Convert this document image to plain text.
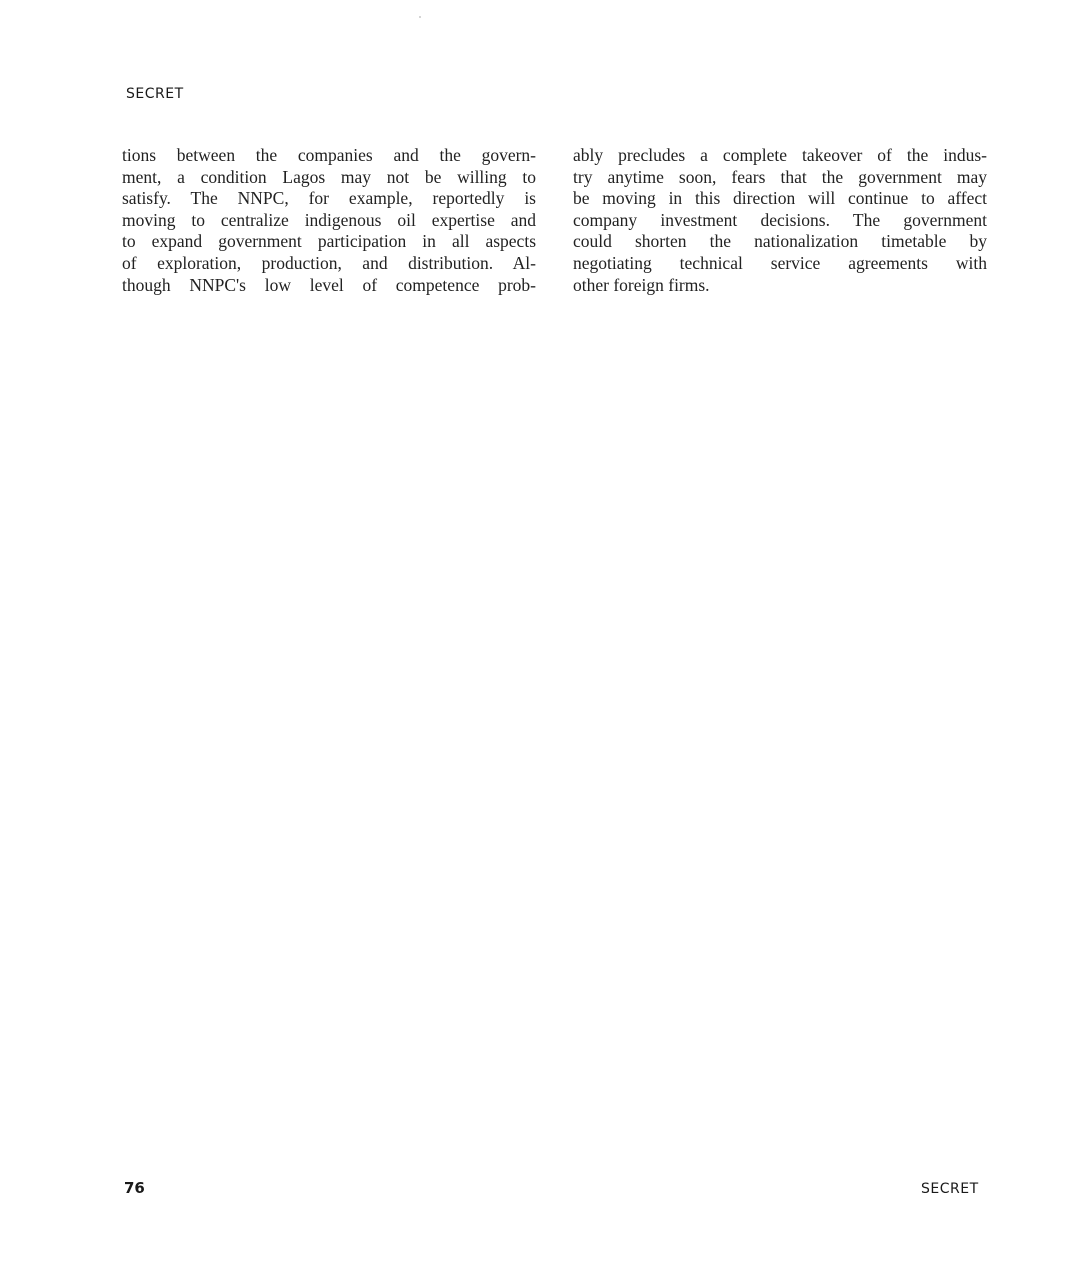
SECRET
tions between the companies and the govern-
ment, a condition Lagos may not be willing to
satisfy. The NNPC, for example, reportedly is
moving to centralize indigenous oil expertise and
to expand government participation in all aspects
of exploration, production, and distribution. Al-
though NNPC's low level of competence prob-
ably precludes a complete takeover of the indus-
try anytime soon, fears that the government may
be moving in this direction will continue to affect
company investment decisions. The government
could shorten the nationalization timetable by
negotiating technical service agreements with
other foreign firms.
76	SECRET
